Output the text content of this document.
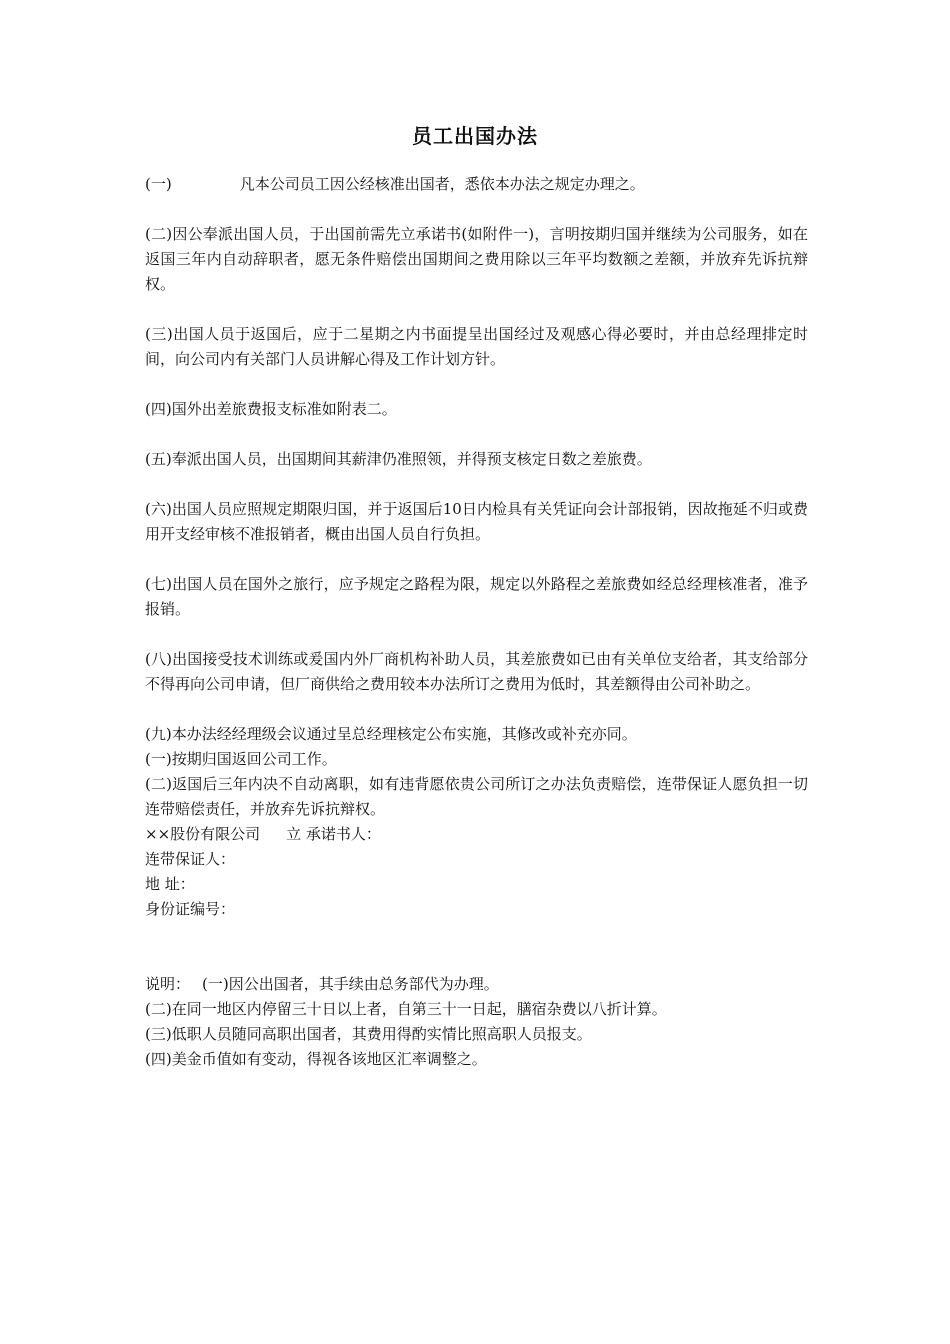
员工出国办法

(一)	凡本公司员工因公经核准出国者，悉依本办法之规定办理之。

(二)因公奉派出国人员，于出国前需先立承诺书(如附件一)，言明按期归国并继续为公司服务，如在返国三年内自动辞职者，愿无条件赔偿出国期间之费用除以三年平均数额之差额，并放弃先诉抗辩权。

(三)出国人员于返国后，应于二星期之内书面提呈出国经过及观感心得必要时，并由总经理排定时间，向公司内有关部门人员讲解心得及工作计划方针。

(四)国外出差旅费报支标准如附表二。

(五)奉派出国人员，出国期间其薪津仍准照领，并得预支核定日数之差旅费。

(六)出国人员应照规定期限归国，并于返国后10日内检具有关凭证向会计部报销，因故拖延不归或费用开支经审核不准报销者，概由出国人员自行负担。

(七)出国人员在国外之旅行，应予规定之路程为限，规定以外路程之差旅费如经总经理核准者，准予报销。

(八)出国接受技术训练或爰国内外厂商机构补助人员，其差旅费如已由有关单位支给者，其支给部分不得再向公司申请，但厂商供给之费用较本办法所订之费用为低时，其差额得由公司补助之。

(九)本办法经经理级会议通过呈总经理核定公布实施，其修改或补充亦同。

(一)按期归国返回公司工作。

(二)返国后三年内决不自动离职，如有违背愿依贵公司所订之办法负责赔偿，连带保证人愿负担一切连带赔偿责任，并放弃先诉抗辩权。

××股份有限公司 立 承诺书人：

连带保证人：

地 址：

身份证编号：

说明： (一)因公出国者，其手续由总务部代为办理。

(二)在同一地区内停留三十日以上者，自第三十一日起，膳宿杂费以八折计算。

(三)低职人员随同高职出国者，其费用得酌实情比照高职人员报支。

(四)美金币值如有变动，得视各该地区汇率调整之。
